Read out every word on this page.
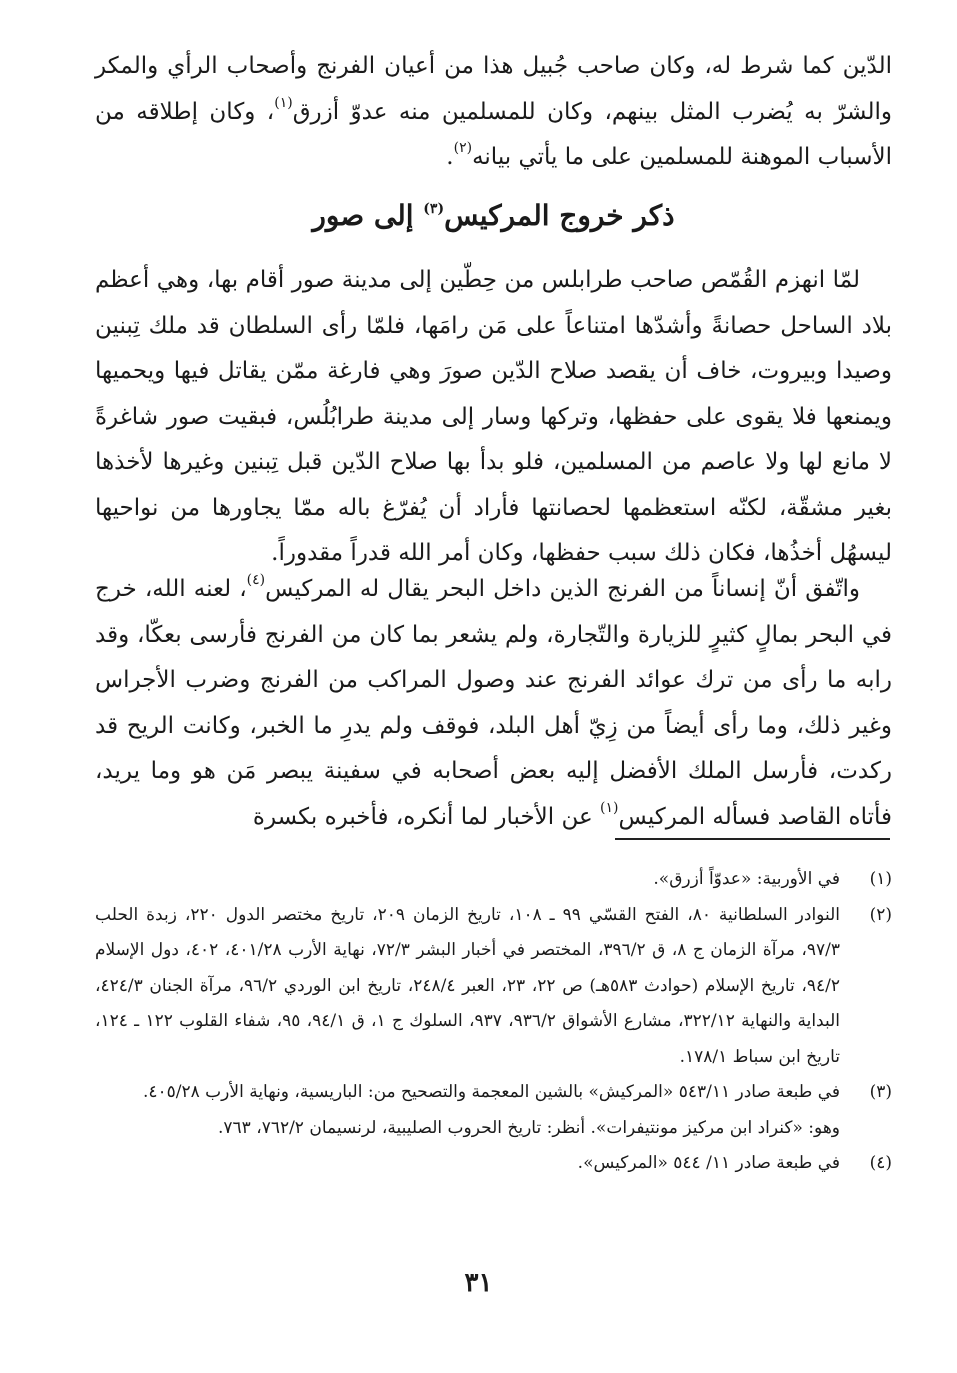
الدّين كما شرط له، وكان صاحب جُبيل هذا من أعيان الفرنج وأصحاب الرأي والمكر والشرّ به يُضرب المثل بينهم، وكان للمسلمين منه عدوّ أزرق$^{(١)}$، وكان إطلاقه من الأسباب الموهنة للمسلمين على ما يأتي بيانه$^{(٢)}$.

ذكر خروج المركيس$^{(٣)}$ إلى صور

لمّا انهزم القُمّص صاحب طرابلس من حِطّين إلى مدينة صور أقام بها، وهي أعظم بلاد الساحل حصانةً وأشدّها امتناعاً على مَن رامَها، فلمّا رأى السلطان قد ملك تِبنين وصيدا وبيروت، خاف أن يقصد صلاح الدّين صورَ وهي فارغة ممّن يقاتل فيها ويحميها ويمنعها فلا يقوى على حفظها، وتركها وسار إلى مدينة طرابُلُس، فبقيت صور شاغرةً لا مانع لها ولا عاصم من المسلمين، فلو بدأ بها صلاح الدّين قبل تِبنين وغيرها لأخذها بغير مشقّة، لكنّه استعظمها لحصانتها فأراد أن يُفرّغ باله ممّا يجاورها من نواحيها ليسهُل أخذُها، فكان ذلك سبب حفظها، وكان أمر الله قدراً مقدوراً.

واتّفق أنّ إنساناً من الفرنج الذين داخل البحر يقال له المركيس$^{(٤)}$، لعنه الله، خرج في البحر بمالٍ كثيرٍ للزيارة والتّجارة، ولم يشعر بما كان من الفرنج فأرسى بعكّا، وقد رابه ما رأى من ترك عوائد الفرنج عند وصول المراكب من الفرنج وضرب الأجراس وغير ذلك، وما رأى أيضاً من زِيّ أهل البلد، فوقف ولم يدرِ ما الخبر، وكانت الريح قد ركدت، فأرسل الملك الأفضل إليه بعض أصحابه في سفينة يبصر مَن هو وما يريد، فأتاه القاصد فسأله المركيس$^{(١)}$ عن الأخبار لما أنكره، فأخبره بكسرة

(١)
في الأوربية: «عدوّاً أزرق».
(٢)
النوادر السلطانية ٨٠، الفتح القسّي ٩٩ ـ ١٠٨، تاريخ الزمان ٢٠٩، تاريخ مختصر الدول ٢٢٠، زبدة الحلب ٩٧/٣، مرآة الزمان ج ٨، ق ٣٩٦/٢، المختصر في أخبار البشر ٧٢/٣، نهاية الأرب ٤٠١/٢٨، ٤٠٢، دول الإسلام ٩٤/٢، تاريخ الإسلام (حوادث ٥٨٣هـ) ص ٢٢، ٢٣، العبر ٢٤٨/٤، تاريخ ابن الوردي ٩٦/٢، مرآة الجنان ٤٢٤/٣، البداية والنهاية ٣٢٢/١٢، مشارع الأشواق ٩٣٦/٢، ٩٣٧، السلوك ج ١، ق ٩٤/١، ٩٥، شفاء القلوب ١٢٢ ـ ١٢٤، تاريخ ابن سباط ١٧٨/١.
(٣)
في طبعة صادر ٥٤٣/١١ «المركيش» بالشين المعجمة والتصحيح من: الباريسية، ونهاية الأرب ٤٠٥/٢٨.
وهو: «كنراد ابن مركيز مونتيفرات». أنظر: تاريخ الحروب الصليبية، لرنسيمان ٧٦٢/٢، ٧٦٣.
(٤)
في طبعة صادر ١١/ ٥٤٤ «المركيس».
٣١
